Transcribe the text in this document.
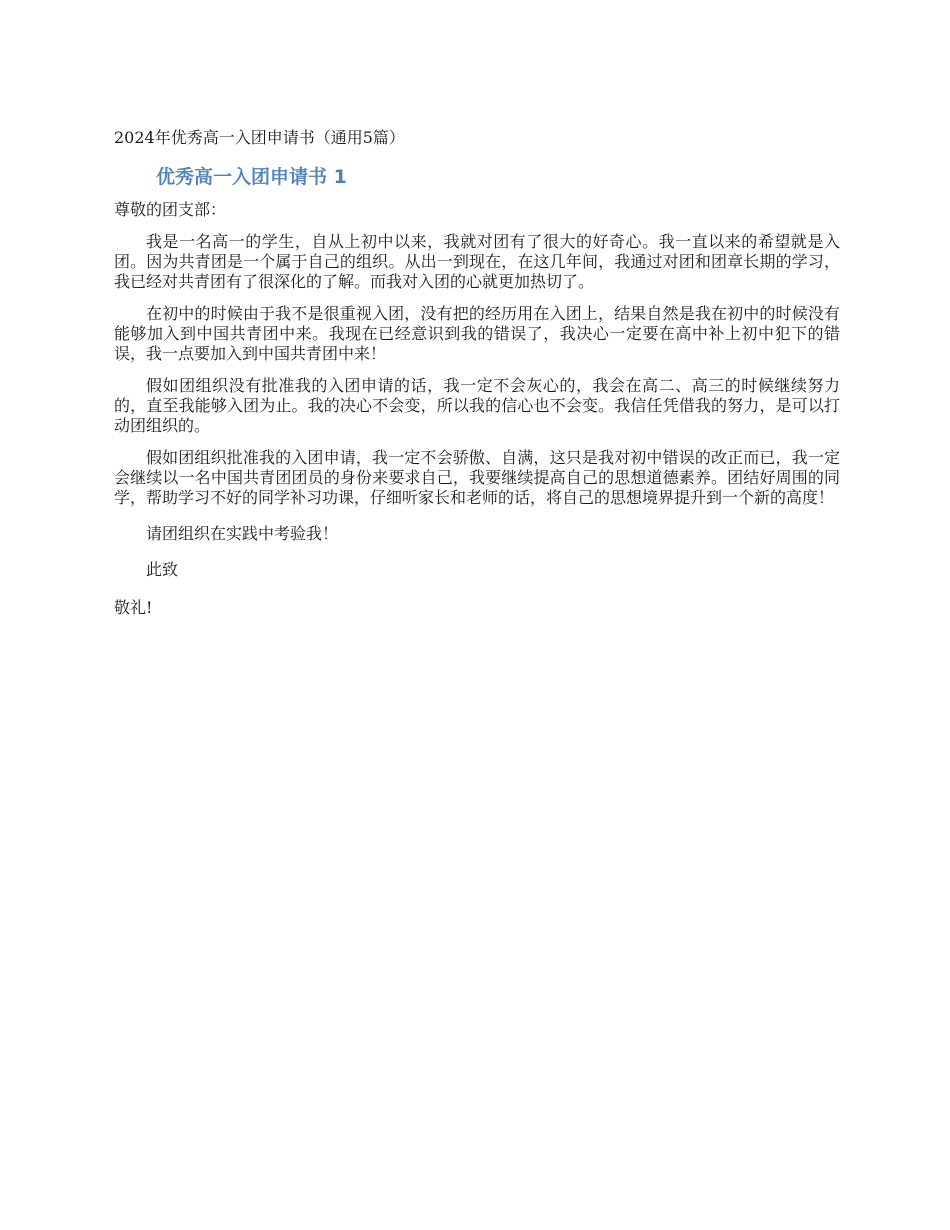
2024年优秀高一入团申请书（通用5篇）

优秀高一入团申请书 1

尊敬的团支部：

我是一名高一的学生，自从上初中以来，我就对团有了很大的好奇心。我一直以来的希望就是入团。因为共青团是一个属于自己的组织。从出一到现在，在这几年间，我通过对团和团章长期的学习，我已经对共青团有了很深化的了解。而我对入团的心就更加热切了。

在初中的时候由于我不是很重视入团，没有把的经历用在入团上，结果自然是我在初中的时候没有能够加入到中国共青团中来。我现在已经意识到我的错误了，我决心一定要在高中补上初中犯下的错误，我一点要加入到中国共青团中来！

假如团组织没有批准我的入团申请的话，我一定不会灰心的，我会在高二、高三的时候继续努力的，直至我能够入团为止。我的决心不会变，所以我的信心也不会变。我信任凭借我的努力，是可以打动团组织的。

假如团组织批准我的入团申请，我一定不会骄傲、自满，这只是我对初中错误的改正而已，我一定会继续以一名中国共青团团员的身份来要求自己，我要继续提高自己的思想道德素养。团结好周围的同学，帮助学习不好的同学补习功课，仔细听家长和老师的话，将自己的思想境界提升到一个新的高度！

请团组织在实践中考验我！

此致

敬礼!
